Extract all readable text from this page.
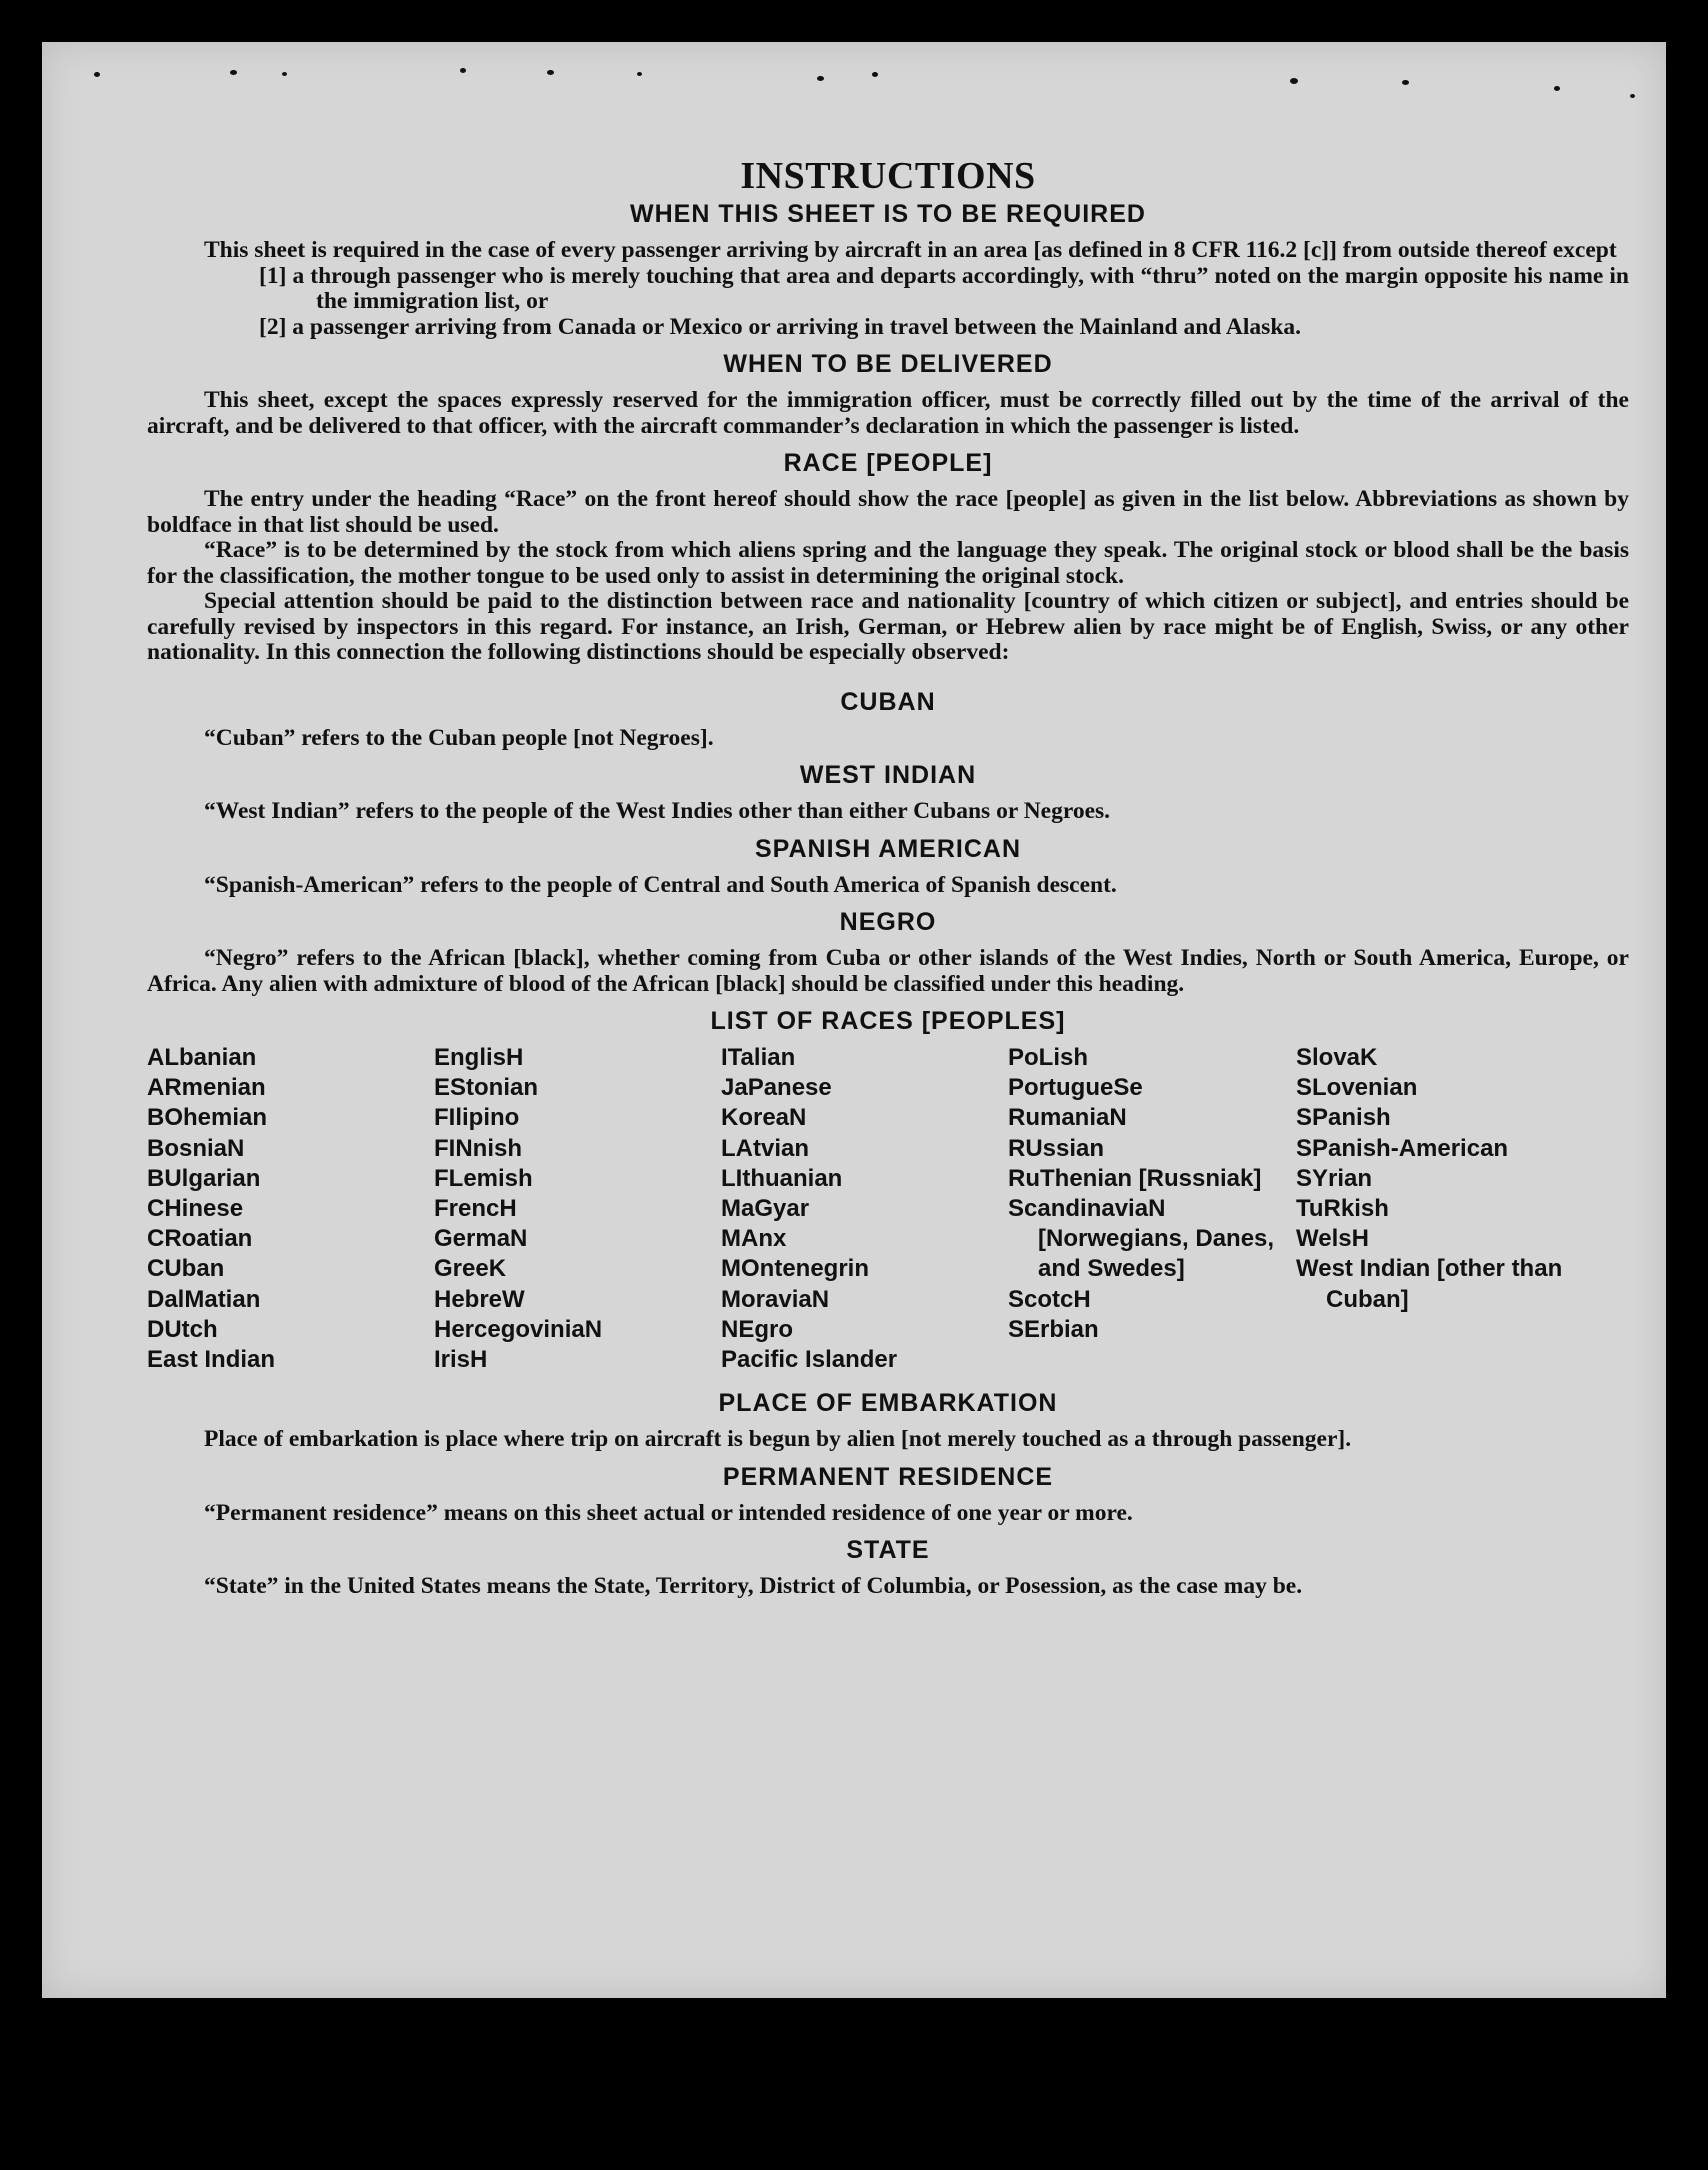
INSTRUCTIONS
WHEN THIS SHEET IS TO BE REQUIRED

This sheet is required in the case of every passenger arriving by aircraft in an area [as defined in 8 CFR 116.2 [c]] from outside thereof except

[1] a through passenger who is merely touching that area and departs accordingly, with “thru” noted on the margin opposite his name in the immigration list, or

[2] a passenger arriving from Canada or Mexico or arriving in travel between the Mainland and Alaska.

WHEN TO BE DELIVERED

This sheet, except the spaces expressly reserved for the immigration officer, must be correctly filled out by the time of the arrival of the aircraft, and be delivered to that officer, with the aircraft commander’s declaration in which the passenger is listed.

RACE [PEOPLE]

The entry under the heading “Race” on the front hereof should show the race [people] as given in the list below. Abbreviations as shown by boldface in that list should be used.

“Race” is to be determined by the stock from which aliens spring and the language they speak. The original stock or blood shall be the basis for the classification, the mother tongue to be used only to assist in determining the original stock.

Special attention should be paid to the distinction between race and nationality [country of which citizen or subject], and entries should be carefully revised by inspectors in this regard. For instance, an Irish, German, or Hebrew alien by race might be of English, Swiss, or any other nationality. In this connection the following distinctions should be especially observed:

CUBAN

“Cuban” refers to the Cuban people [not Negroes].

WEST INDIAN

“West Indian” refers to the people of the West Indies other than either Cubans or Negroes.

SPANISH AMERICAN

“Spanish-American” refers to the people of Central and South America of Spanish descent.

NEGRO

“Negro” refers to the African [black], whether coming from Cuba or other islands of the West Indies, North or South America, Europe, or Africa. Any alien with admixture of blood of the African [black] should be classified under this heading.

LIST OF RACES [PEOPLES]
ALbanian
ARmenian
BOhemian
BosniaN
BUlgarian
CHinese
CRoatian
CUban
DalMatian
DUtch
East Indian
EnglisH
EStonian
FIlipino
FINnish
FLemish
FrencH
GermaN
GreeK
HebreW
HercegoviniaN
IrisH
ITalian
JaPanese
KoreaN
LAtvian
LIthuanian
MaGyar
MAnx
MOntenegrin
MoraviaN
NEgro
Pacific Islander
PoLish
PortugueSe
RumaniaN
RUssian
RuThenian [Russniak]
ScandinaviaN [Norwegians, Danes, and Swedes]
ScotcH
SErbian
SlovaK
SLovenian
SPanish
SPanish-American
SYrian
TuRkish
WelsH
West Indian [other than Cuban]
PLACE OF EMBARKATION

Place of embarkation is place where trip on aircraft is begun by alien [not merely touched as a through passenger].

PERMANENT RESIDENCE

“Permanent residence” means on this sheet actual or intended residence of one year or more.

STATE

“State” in the United States means the State, Territory, District of Columbia, or Posession, as the case may be.
